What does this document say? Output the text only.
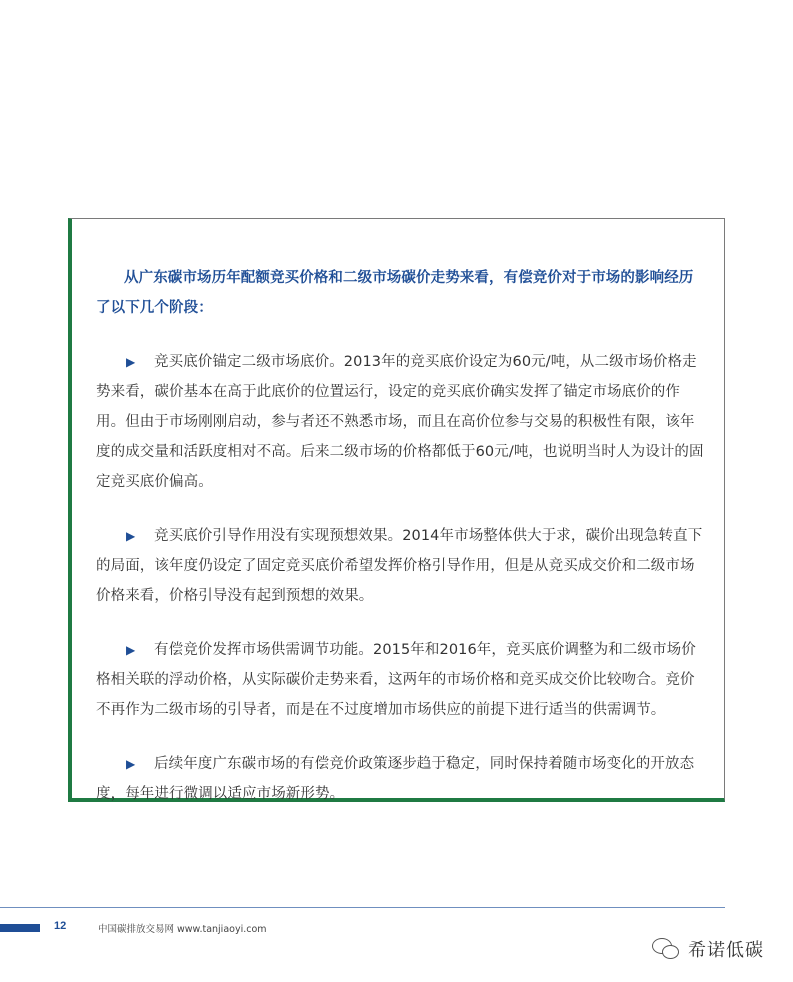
从广东碳市场历年配额竞买价格和二级市场碳价走势来看，有偿竞价对于市场的影响经历了以下几个阶段：

▶ 竞买底价锚定二级市场底价。2013年的竞买底价设定为60元/吨，从二级市场价格走势来看，碳价基本在高于此底价的位置运行，设定的竞买底价确实发挥了锚定市场底价的作用。但由于市场刚刚启动，参与者还不熟悉市场，而且在高价位参与交易的积极性有限，该年度的成交量和活跃度相对不高。后来二级市场的价格都低于60元/吨，也说明当时人为设计的固定竞买底价偏高。

▶ 竞买底价引导作用没有实现预想效果。2014年市场整体供大于求，碳价出现急转直下的局面，该年度仍设定了固定竞买底价希望发挥价格引导作用，但是从竞买成交价和二级市场价格来看，价格引导没有起到预想的效果。

▶ 有偿竞价发挥市场供需调节功能。2015年和2016年，竞买底价调整为和二级市场价格相关联的浮动价格，从实际碳价走势来看，这两年的市场价格和竞买成交价比较吻合。竞价不再作为二级市场的引导者，而是在不过度增加市场供应的前提下进行适当的供需调节。

▶ 后续年度广东碳市场的有偿竞价政策逐步趋于稳定，同时保持着随市场变化的开放态度，每年进行微调以适应市场新形势。

12	中国碳排放交易网 www.tanjiaoyi.com
希诺低碳
